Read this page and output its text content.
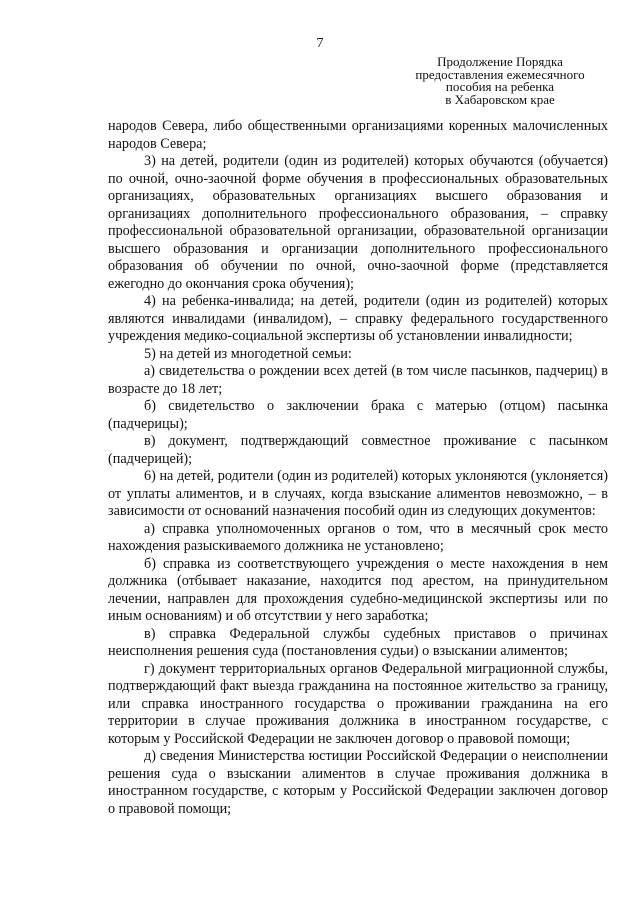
7
Продолжение Порядка
предоставления ежемесячного
пособия на ребенка
в Хабаровском крае

народов Севера, либо общественными организациями коренных малочисленных народов Севера;

3) на детей, родители (один из родителей) которых обучаются (обучается) по очной, очно-заочной форме обучения в профессиональных образовательных организациях, образовательных организациях высшего образования и организациях дополнительного профессионального образования, – справку профессиональной образовательной организации, образовательной организации высшего образования и организации дополнительного профессионального образования об обучении по очной, очно-заочной форме (представляется ежегодно до окончания срока обучения);

4) на ребенка-инвалида; на детей, родители (один из родителей) которых являются инвалидами (инвалидом), – справку федерального государственного учреждения медико-социальной экспертизы об установлении инвалидности;

5) на детей из многодетной семьи:

а) свидетельства о рождении всех детей (в том числе пасынков, падчериц) в возрасте до 18 лет;

б) свидетельство о заключении брака с матерью (отцом) пасынка (падчерицы);

в) документ, подтверждающий совместное проживание с пасынком (падчерицей);

6) на детей, родители (один из родителей) которых уклоняются (уклоняется) от уплаты алиментов, и в случаях, когда взыскание алиментов невозможно, – в зависимости от оснований назначения пособий один из следующих документов:

а) справка уполномоченных органов о том, что в месячный срок место нахождения разыскиваемого должника не установлено;

б) справка из соответствующего учреждения о месте нахождения в нем должника (отбывает наказание, находится под арестом, на принудительном лечении, направлен для прохождения судебно-медицинской экспертизы или по иным основаниям) и об отсутствии у него заработка;

в) справка Федеральной службы судебных приставов о причинах неисполнения решения суда (постановления судьи) о взыскании алиментов;

г) документ территориальных органов Федеральной миграционной службы, подтверждающий факт выезда гражданина на постоянное жительство за границу, или справка иностранного государства о проживании гражданина на его территории в случае проживания должника в иностранном государстве, с которым у Российской Федерации не заключен договор о правовой помощи;

д) сведения Министерства юстиции Российской Федерации о неисполнении решения суда о взыскании алиментов в случае проживания должника в иностранном государстве, с которым у Российской Федерации заключен договор о правовой помощи;
